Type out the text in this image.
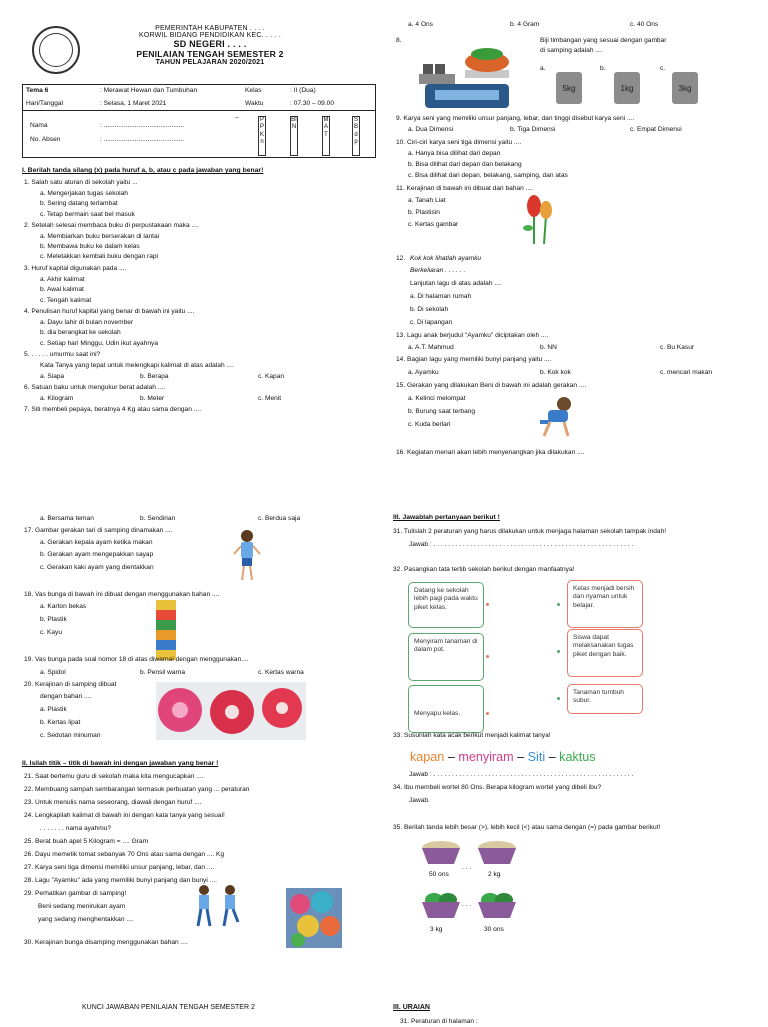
PEMERINTAH KABUPATEN . . . .
KORWIL BIDANG PENDIDIKAN KEC. . . . .
SD NEGERI . . . .
PENILAIAN TENGAH SEMESTER 2
TAHUN PELAJARAN 2020/2021
Tema 6	: Merawat Hewan dan Tumbuhan	Kelas	: II (Dua)
Hari/Tanggal	: Selasa, 1 Maret 2021	Waktu	: 07.30 – 09.00
Nama	: ............................................
No. Absen	: ............................................
–	PPKn
BIN
MAT
SBdp
I. Berilah tanda silang (x) pada huruf a, b, atau c pada jawaban yang benar!
1. Salah satu aturan di sekolah yaitu ...
a. Mengerjakan tugas sekolah
b. Sering datang terlambat
c. Tetap bermain saat bel masuk
2. Setelah selesai membaca buku di perpustakaan maka ....
a. Membiarkan buku berserakan di lantai
b. Membawa buku ke dalam kelas
c. Meletakkan kembali buku dengan rapi
3. Huruf kapital digunakan pada ....
a. Akhir kalimat
b. Awal kalimat
c. Tengah kalimat
4. Penulisan huruf kapital yang benar di bawah ini yaitu ....
a. Dayu lahir di bulan november
b. dia berangkat ke sekolah
c. Setiap hari Minggu, Udin ikut ayahnya
5. . . . . . umurmu saat ini?
Kata Tanya yang tepat untuk melengkapi kalimat di atas adalah ....
a. Siapa	b. Berapa	c. Kapan
6. Satuan baku untuk mengukur berat adalah ....
a. Kilogram	b. Meter	c. Menit
7. Siti membeli pepaya, beratnya 4 Kg atau sama dengan ....
a. 4 Ons	b. 4 Gram	c. 40 Ons
8.	Biji timbangan yang sesuai dengan gambar
di samping adalah ....
a.	b.	c.
5kg	1kg	3kg
9. Karya seni yang memiliki unsur panjang, lebar, dan tinggi disebut karya seni ....
a. Dua Dimensi	b. Tiga Dimensi	c. Empat Dimensi
10. Ciri-ciri karya seni tiga dimensi yaitu ....
a. Hanya bisa dilihat dari depan
b. Bisa dilihat dari depan dan belakang
c. Bisa dilihat dari depan, belakang, samping, dan atas
11. Kerajinan di bawah ini dibuat dari bahan ....
a. Tanah Liat
b. Plastisin
c. Kertas gambar
12. Kok kok lihatlah ayamku
Berkeliaran . . . . . .
Lanjutan lagu di atas adalah ....
a. Di halaman rumah
b. Di sekolah
c. Di lapangan
13. Lagu anak berjudul "Ayamku" diciptakan oleh ....
a. A.T. Mahmud	b. NN	c. Bu Kasur
14. Bagian lagu yang memiliki bunyi panjang yaitu ....
a. Ayamku	b. Kok kok	c. mencari makan
15. Gerakan yang dilakukan Beni di bawah ini adalah gerakan ....
a. Kelinci melompat
b. Burung saat terbang
c. Kuda berlari
16. Kegiatan menari akan lebih menyenangkan jika dilakukan ....
a. Bersama teman	b. Sendirian	c. Berdua saja
17. Gambar gerakan tari di samping dinamakan ....
a. Gerakan kepala ayam ketika makan
b. Gerakan ayam mengepakkan sayap
c. Gerakan kaki ayam yang dientakkan
18. Vas bunga di bawah ini dibuat dengan menggunakan bahan ....
a. Karton bekas
b. Plastik
c. Kayu
19. Vas bunga pada soal nomor 18 di atas diwarnai dengan menggunakan....
a. Spidol	b. Pensil warna	c. Kertas warna
20. Kerajinan di samping dibuat
dengan bahan ....
a. Plastik
b. Kertas lipat
c. Sedotan minuman
II. Isilah titik – titik di bawah ini dengan jawaban yang benar !
21. Saat bertemu guru di sekolah maka kita mengucapkan ....
22. Membuang sampah sembarangan termasuk perbuatan yang ... peraturan
23. Untuk menulis nama seseorang, diawali dengan huruf ....
24. Lengkapilah kalimat di bawah ini dengan kata tanya yang sesuai!
. . . . . . . nama ayahmu?
25. Berat buah apel 5 Kilogram = .... Gram
26. Dayu memetik tomat sebanyak 70 Ons atau sama dengan .... Kg
27. Karya seni tiga dimensi memiliki unsur panjang, lebar, dan ....
28. Lagu "Ayamku" ada yang memiliki bunyi panjang dan bunyi ....
29. Perhatikan gambar di samping!
Beni sedang menirukan ayam
yang sedang menghentakkan ....
30. Kerajinan bunga disamping menggunakan bahan ....
III. Jawablah pertanyaan berikut !
31. Tulislah 2 peraturan yang harus dilakukan untuk menjaga halaman sekolah tampak indah!
Jawab : . . . . . . . . . . . . . . . . . . . . . . . . . . . . . . . . . . . . . . . . . . . . . . . . . . . . . . .
32. Pasangkan tata tertib sekolah berikut dengan manfaatnya!
Datang ke sekolah lebih pagi pada waktu piket kelas.
Menyiram tanaman di dalam pot.
Menyapu kelas.
Kelas menjadi bersih dan nyaman untuk belajar.
Siswa dapat melaksanakan tugas piket dengan baik.
Tanaman tumbuh subur.
33. Susunlah kata acak berikut menjadi kalimat tanya!
kapan – menyiram – Siti – kaktus
Jawab : . . . . . . . . . . . . . . . . . . . . . . . . . . . . . . . . . . . . . . . . . . . . . . . . . . . . . . .
34. Ibu membeli wortel 80 Ons. Berapa kilogram wortel yang dibeli ibu?
Jawab.
35. Berilah tanda lebih besar (>), lebih kecil (<) atau sama dengan (=) pada gambar berikut!
50 ons
. . .
2 kg
3 kg
. . .
30 ons
KUNCI JAWABAN PENILAIAN TENGAH SEMESTER 2	III. URAIAN
31. Peraturan di halaman :
